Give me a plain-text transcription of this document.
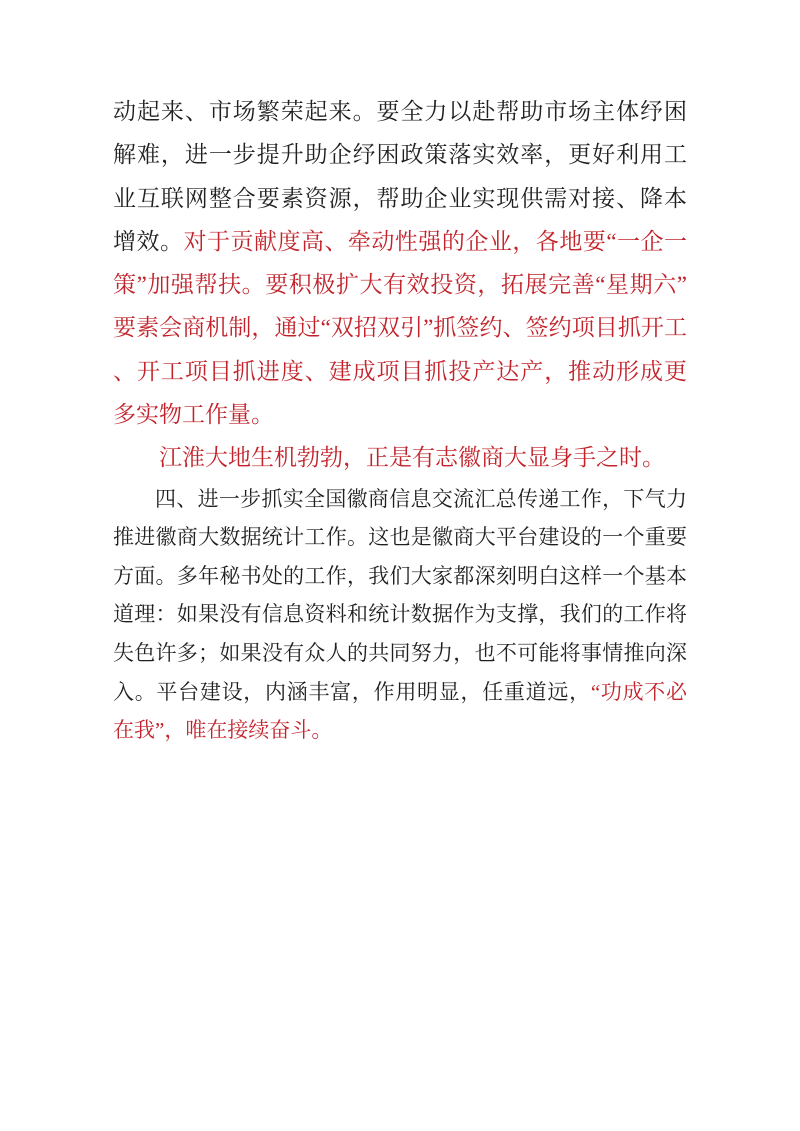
动起来、市场繁荣起来。要全力以赴帮助市场主体纾困解难，进一步提升助企纾困政策落实效率，更好利用工业互联网整合要素资源，帮助企业实现供需对接、降本增效。对于贡献度高、牵动性强的企业，各地要“一企一策”加强帮扶。要积极扩大有效投资，拓展完善“星期六”要素会商机制，通过“双招双引”抓签约、签约项目抓开工、开工项目抓进度、建成项目抓投产达产，推动形成更多实物工作量。

江淮大地生机勃勃，正是有志徽商大显身手之时。

四、进一步抓实全国徽商信息交流汇总传递工作，下气力推进徽商大数据统计工作。这也是徽商大平台建设的一个重要方面。多年秘书处的工作，我们大家都深刻明白这样一个基本道理：如果没有信息资料和统计数据作为支撑，我们的工作将失色许多；如果没有众人的共同努力，也不可能将事情推向深入。平台建设，内涵丰富，作用明显，任重道远，“功成不必在我”，唯在接续奋斗。
